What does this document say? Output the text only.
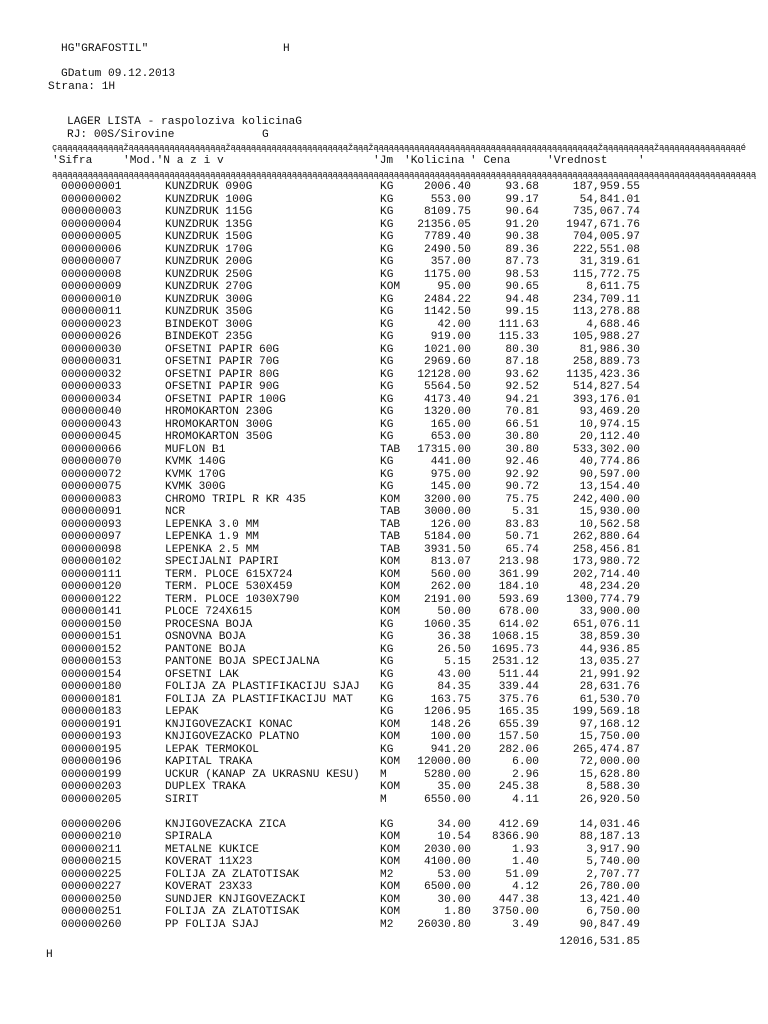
HG"GRAFOSTIL"	H
GDatum 09.12.2013
Strana: 1H
LAGER LISTA - raspoloziva kolicinaG
RJ: 00S/Sirovine	G
çąąąąąąąąąąąąąžąąąąąąąąąąąąąąąąąąąžąąąąąąąąąąąąąąąąąąąąąąąžąąąžąąąąąąąąąąąąąąąąąąąąąąąąąąąąąąąąąąąąąąąąąąąąžąąąąąąąąąąžąąąąąąąąąąąąąąąąé
'Sifra	'Mod.'N a z i v	'Jm 'Kolicina ' Cena	'Vrednost	'
ąąąąąąąąąąąąąąąąąąąąąąąąąąąąąąąąąąąąąąąąąąąąąąąąąąąąąąąąąąąąąąąąąąąąąąąąąąąąąąąąąąąąąąąąąąąąąąąąąąąąąąąąąąąąąąąąąąąąąąąąąąąąąąąąąąąąąąąąąą
000000001	KUNZDRUK 090G	KG	2006.40	93.68	187,959.55
000000002	KUNZDRUK 100G	KG	553.00	99.17	54,841.01
000000003	KUNZDRUK 115G	KG	8109.75	90.64	735,067.74
000000004	KUNZDRUK 135G	KG 21356.05	91.20 1947,671.76
000000005	KUNZDRUK 150G	KG	7789.40	90.38	704,005.97
000000006	KUNZDRUK 170G	KG	2490.50	89.36	222,551.08
000000007	KUNZDRUK 200G	KG	357.00	87.73	31,319.61
000000008	KUNZDRUK 250G	KG	1175.00	98.53	115,772.75
000000009	KUNZDRUK 270G	KOM	95.00	90.65	8,611.75
000000010	KUNZDRUK 300G	KG	2484.22	94.48	234,709.11
000000011	KUNZDRUK 350G	KG	1142.50	99.15	113,278.88
000000023	BINDEKOT 300G	KG	42.00 111.63	4,688.46
000000026	BINDEKOT 235G	KG	919.00 115.33	105,988.27
000000030	OFSETNI PAPIR 60G	KG	1021.00	80.30	81,986.30
000000031	OFSETNI PAPIR 70G	KG	2969.60	87.18	258,889.73
000000032	OFSETNI PAPIR 80G	KG 12128.00	93.62 1135,423.36
000000033	OFSETNI PAPIR 90G	KG	5564.50	92.52	514,827.54
000000034	OFSETNI PAPIR 100G	KG	4173.40	94.21	393,176.01
000000040	HROMOKARTON 230G	KG	1320.00	70.81	93,469.20
000000043	HROMOKARTON 300G	KG	165.00	66.51	10,974.15
000000045	HROMOKARTON 350G	KG	653.00	30.80	20,112.40
000000066	MUFLON B1	TAB 17315.00	30.80	533,302.00
000000070	KVMK 140G	KG	441.00	92.46	40,774.86
000000072	KVMK 170G	KG	975.00	92.92	90,597.00
000000075	KVMK 300G	KG	145.00	90.72	13,154.40
000000083	CHROMO TRIPL R KR 435	KOM 3200.00	75.75	242,400.00
000000091	NCR	TAB 3000.00	5.31	15,930.00
000000093	LEPENKA 3.0 MM	TAB	126.00	83.83	10,562.58
000000097	LEPENKA 1.9 MM	TAB 5184.00	50.71	262,880.64
000000098	LEPENKA 2.5 MM	TAB 3931.50	65.74	258,456.81
000000102	SPECIJALNI PAPIRI	KOM	813.07 213.98	173,980.72
000000111	TERM. PLOCE 615X724	KOM	560.00 361.99	202,714.40
000000120	TERM. PLOCE 530X459	KOM	262.00 184.10	48,234.20
000000122	TERM. PLOCE 1030X790	KOM 2191.00 593.69 1300,774.79
000000141	PLOCE 724X615	KOM	50.00 678.00	33,900.00
000000150	PROCESNA BOJA	KG	1060.35 614.02	651,076.11
000000151	OSNOVNA BOJA	KG	36.38 1068.15	38,859.30
000000152	PANTONE BOJA	KG	26.50 1695.73	44,936.85
000000153	PANTONE BOJA SPECIJALNA	KG	5.15 2531.12	13,035.27
000000154	OFSETNI LAK	KG	43.00 511.44	21,991.92
000000180	FOLIJA ZA PLASTIFIKACIJU SJAJ KG	84.35 339.44	28,631.76
000000181	FOLIJA ZA PLASTIFIKACIJU MAT KG	163.75 375.76	61,530.70
000000183	LEPAK	KG	1206.95 165.35	199,569.18
000000191	KNJIGOVEZACKI KONAC	KOM	148.26 655.39	97,168.12
000000193	KNJIGOVEZACKO PLATNO	KOM	100.00 157.50	15,750.00
000000195	LEPAK TERMOKOL	KG	941.20 282.06	265,474.87
000000196	KAPITAL TRAKA	KOM 12000.00	6.00	72,000.00
000000199	UCKUR (KANAP ZA UKRASNU KESU) M	5280.00	2.96	15,628.80
000000203	DUPLEX TRAKA	KOM	35.00 245.38	8,588.30
000000205	SIRIT	M	6550.00	4.11	26,920.50
000000206	KNJIGOVEZACKA ZICA	KG	34.00 412.69	14,031.46
000000210	SPIRALA	KOM	10.54 8366.90	88,187.13
000000211	METALNE KUKICE	KOM 2030.00	1.93	3,917.90
000000215	KOVERAT 11X23	KOM 4100.00	1.40	5,740.00
000000225	FOLIJA ZA ZLATOTISAK	M2	53.00	51.09	2,707.77
000000227	KOVERAT 23X33	KOM 6500.00	4.12	26,780.00
000000250	SUNDJER KNJIGOVEZACKI	KOM	30.00 447.38	13,421.40
000000251	FOLIJA ZA ZLATOTISAK	KOM	1.80 3750.00	6,750.00
000000260	PP FOLIJA SJAJ	M2 26030.80	3.49	90,847.49
12016,531.85
H
